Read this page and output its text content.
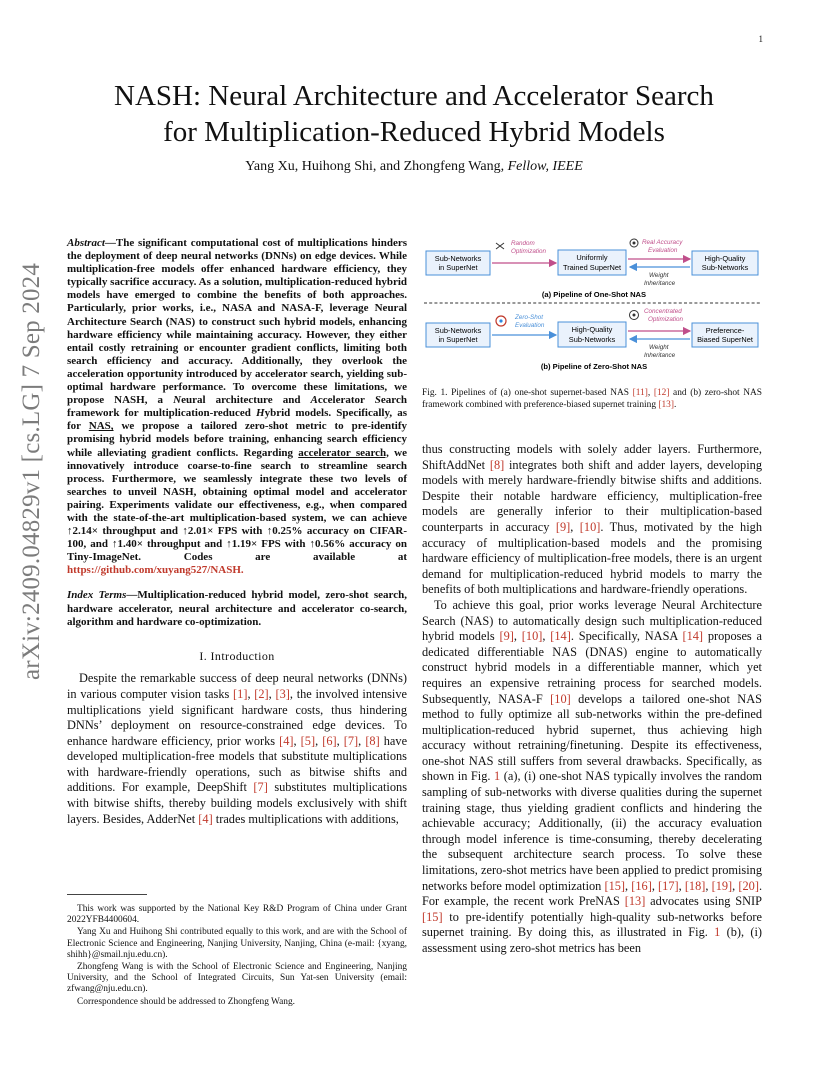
1
arXiv:2409.04829v1 [cs.LG] 7 Sep 2024
NASH: Neural Architecture and Accelerator Search
for Multiplication-Reduced Hybrid Models
Yang Xu, Huihong Shi, and Zhongfeng Wang, Fellow, IEEE
Abstract—The significant computational cost of multiplications hinders the deployment of deep neural networks (DNNs) on edge devices. While multiplication-free models offer enhanced hardware efficiency, they typically sacrifice accuracy. As a solution, multiplication-reduced hybrid models have emerged to combine the benefits of both approaches. Particularly, prior works, i.e., NASA and NASA-F, leverage Neural Architecture Search (NAS) to construct such hybrid models, enhancing hardware efficiency while maintaining accuracy. However, they either entail costly retraining or encounter gradient conflicts, limiting both search efficiency and accuracy. Additionally, they overlook the acceleration opportunity introduced by accelerator search, yielding sub-optimal hardware performance. To overcome these limitations, we propose NASH, a Neural architecture and Accelerator Search framework for multiplication-reduced Hybrid models. Specifically, as for NAS, we propose a tailored zero-shot metric to pre-identify promising hybrid models before training, enhancing search efficiency while alleviating gradient conflicts. Regarding accelerator search, we innovatively introduce coarse-to-fine search to streamline search process. Furthermore, we seamlessly integrate these two levels of searches to unveil NASH, obtaining optimal model and accelerator pairing. Experiments validate our effectiveness, e.g., when compared with the state-of-the-art multiplication-based system, we can achieve ↑2.14× throughput and ↑2.01× FPS with ↑0.25% accuracy on CIFAR-100, and ↑1.40× throughput and ↑1.19× FPS with ↑0.56% accuracy on Tiny-ImageNet. Codes are available at https://github.com/xuyang527/NASH.
Index Terms—Multiplication-reduced hybrid model, zero-shot search, hardware accelerator, neural architecture and accelerator co-search, algorithm and hardware co-optimization.
I. Introduction

Despite the remarkable success of deep neural networks (DNNs) in various computer vision tasks [1], [2], [3], the involved intensive multiplications yield significant hardware costs, thus hindering DNNs’ deployment on resource-constrained edge devices. To enhance hardware efficiency, prior works [4], [5], [6], [7], [8] have developed multiplication-free models that substitute multiplications with hardware-friendly operations, such as bitwise shifts and additions. For example, DeepShift [7] substitutes multiplications with bitwise shifts, thereby building models exclusively with shift layers. Besides, AdderNet [4] trades multiplications with additions,

This work was supported by the National Key R&D Program of China under Grant 2022YFB4400604.

Yang Xu and Huihong Shi contributed equally to this work, and are with the School of Electronic Science and Engineering, Nanjing University, Nanjing, China (e-mail: {xyang, shihh}@smail.nju.edu.cn).

Zhongfeng Wang is with the School of Electronic Science and Engineering, Nanjing University, and the School of Integrated Circuits, Sun Yat-sen University (email: zfwang@nju.edu.cn).

Correspondence should be addressed to Zhongfeng Wang.

Sub-Networks
in SuperNet
Random
Optimization
Uniformly
Trained SuperNet
Real Accuracy
Evaluation
Weight
Inheritance
High-Quality
Sub-Networks
(a) Pipeline of One-Shot NAS
Sub-Networks
in SuperNet
Zero-Shot
Evaluation	High-Quality
Sub-Networks
Concentrated
Optimization
Weight
Inheritance
Preference-
Biased SuperNet
(b) Pipeline of Zero-Shot NAS
Fig. 1. Pipelines of (a) one-shot supernet-based NAS [11], [12] and (b) zero-shot NAS framework combined with preference-biased supernet training [13].

thus constructing models with solely adder layers. Furthermore, ShiftAddNet [8] integrates both shift and adder layers, developing models with merely hardware-friendly bitwise shifts and additions. Despite their notable hardware efficiency, multiplication-free models are generally inferior to their multiplication-based counterparts in accuracy [9], [10]. Thus, motivated by the high accuracy of multiplication-based models and the promising hardware efficiency of multiplication-free models, there is an urgent demand for multiplication-reduced hybrid models to marry the benefits of both multiplications and hardware-friendly operations.

To achieve this goal, prior works leverage Neural Architecture Search (NAS) to automatically design such multiplication-reduced hybrid models [9], [10], [14]. Specifically, NASA [14] proposes a dedicated differentiable NAS (DNAS) engine to automatically construct hybrid models in a differentiable manner, which yet requires an expensive retraining process for searched models. Subsequently, NASA-F [10] develops a tailored one-shot NAS method to fully optimize all sub-networks within the pre-defined multiplication-reduced hybrid supernet, thus achieving high accuracy without retraining/finetuning. Despite its effectiveness, one-shot NAS still suffers from several drawbacks. Specifically, as shown in Fig. 1 (a), (i) one-shot NAS typically involves the random sampling of sub-networks with diverse qualities during the supernet training stage, thus yielding gradient conflicts and hindering the achievable accuracy; Additionally, (ii) the accuracy evaluation through model inference is time-consuming, thereby decelerating the subsequent architecture search process. To solve these limitations, zero-shot metrics have been applied to predict promising networks before model optimization [15], [16], [17], [18], [19], [20]. For example, the recent work PreNAS [13] advocates using SNIP [15] to pre-identify potentially high-quality sub-networks before supernet training. By doing this, as illustrated in Fig. 1 (b), (i) assessment using zero-shot metrics has been
